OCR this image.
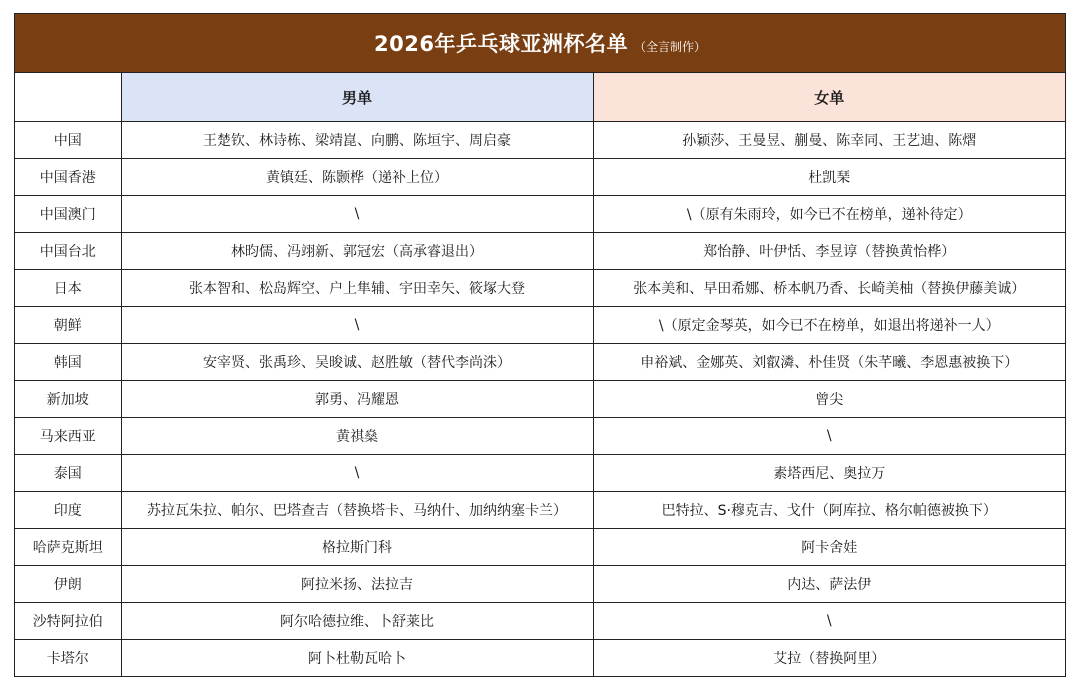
2026年乒乓球亚洲杯名单 （全言制作）
	男单	女单
中国	王楚钦、林诗栋、梁靖崑、向鹏、陈垣宇、周启豪	孙颖莎、王曼昱、蒯曼、陈幸同、王艺迪、陈熠
中国香港	黄镇廷、陈颢桦（递补上位）	杜凯琹
中国澳门	\	\（原有朱雨玲，如今已不在榜单，递补待定）
中国台北	林昀儒、冯翊新、郭冠宏（高承睿退出）	郑怡静、叶伊恬、李昱谆（替换黄怡桦）
日本	张本智和、松岛辉空、户上隼辅、宇田幸矢、筱塚大登	张本美和、早田希娜、桥本帆乃香、长崎美柚（替换伊藤美诚）
朝鲜	\	\（原定金琴英，如今已不在榜单，如退出将递补一人）
韩国	安宰贤、张禹珍、吴晙诚、赵胜敏（替代李尚洙）	申裕斌、金娜英、刘叡潾、朴佳贤（朱芊曦、李恩惠被换下）
新加坡	郭勇、冯耀恩	曾尖
马来西亚	黄祺燊	\
泰国	\	素塔西尼、奥拉万
印度	苏拉瓦朱拉、帕尔、巴塔查吉（替换塔卡、马纳什、加纳纳塞卡兰）	巴特拉、S·穆克吉、戈什（阿库拉、格尔帕德被换下）
哈萨克斯坦	格拉斯门科	阿卡舍娃
伊朗	阿拉米扬、法拉吉	内达、萨法伊
沙特阿拉伯	阿尔哈德拉维、卜舒莱比	\
卡塔尔	阿卜杜勒瓦哈卜	艾拉（替换阿里）
